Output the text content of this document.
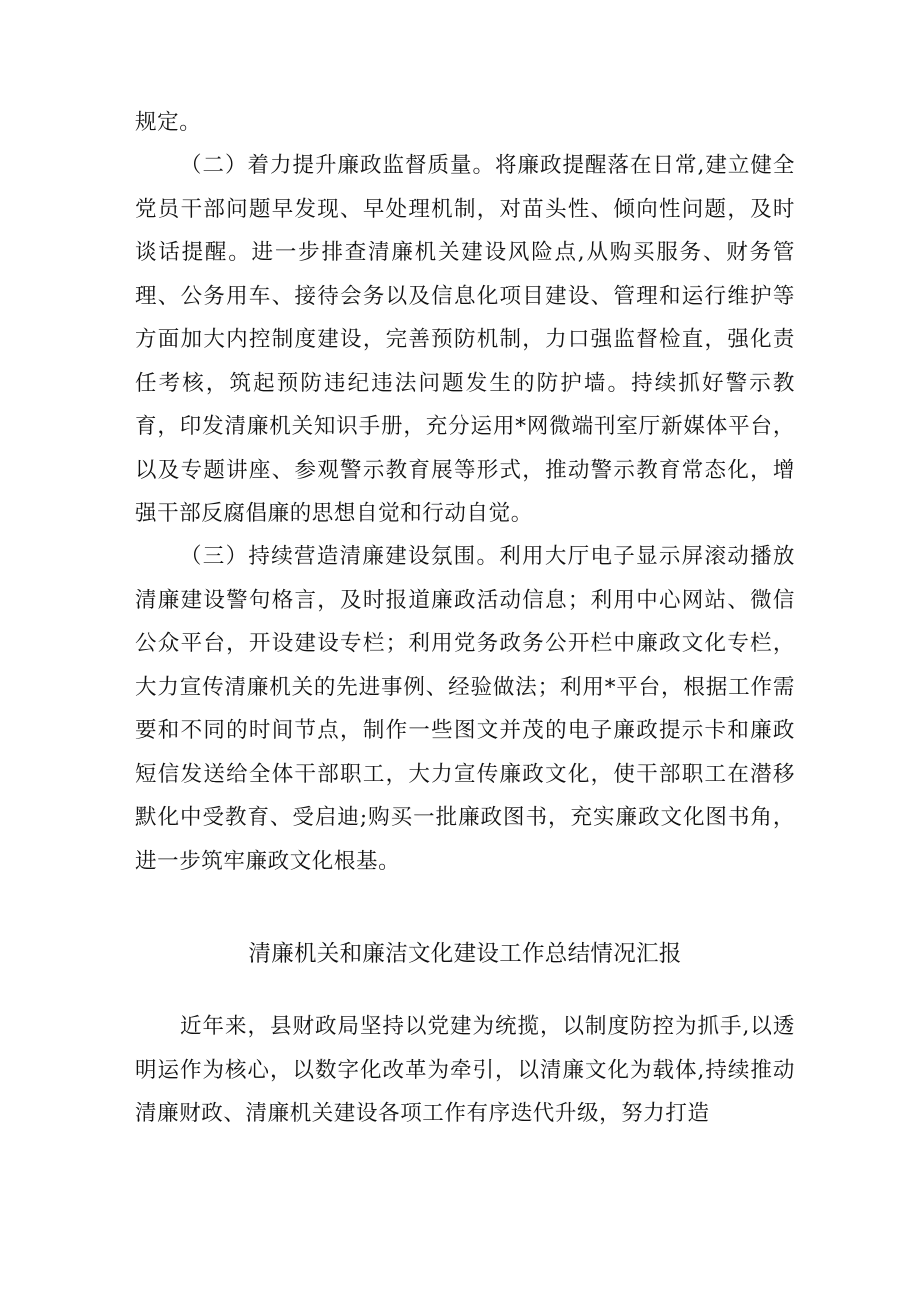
规定。

（二）着力提升廉政监督质量。将廉政提醒落在日常,建立健全党员干部问题早发现、早处理机制，对苗头性、倾向性问题，及时谈话提醒。进一步排查清廉机关建设风险点,从购买服务、财务管理、公务用车、接待会务以及信息化项目建设、管理和运行维护等方面加大内控制度建设，完善预防机制，力口强监督检直，强化责任考核，筑起预防违纪违法问题发生的防护墙。持续抓好警示教育，印发清廉机关知识手册，充分运用*网微端刊室厅新媒体平台，以及专题讲座、参观警示教育展等形式，推动警示教育常态化，增强干部反腐倡廉的思想自觉和行动自觉。

（三）持续营造清廉建设氛围。利用大厅电子显示屏滚动播放清廉建设警句格言，及时报道廉政活动信息；利用中心网站、微信公众平台，开设建设专栏；利用党务政务公开栏中廉政文化专栏，大力宣传清廉机关的先进事例、经验做法；利用*平台，根据工作需要和不同的时间节点，制作一些图文并茂的电子廉政提示卡和廉政短信发送给全体干部职工，大力宣传廉政文化，使干部职工在潜移默化中受教育、受启迪;购买一批廉政图书，充实廉政文化图书角，进一步筑牢廉政文化根基。

清廉机关和廉洁文化建设工作总结情况汇报

近年来，县财政局坚持以党建为统揽，以制度防控为抓手,以透明运作为核心，以数字化改革为牵引，以清廉文化为载体,持续推动清廉财政、清廉机关建设各项工作有序迭代升级，努力打造
